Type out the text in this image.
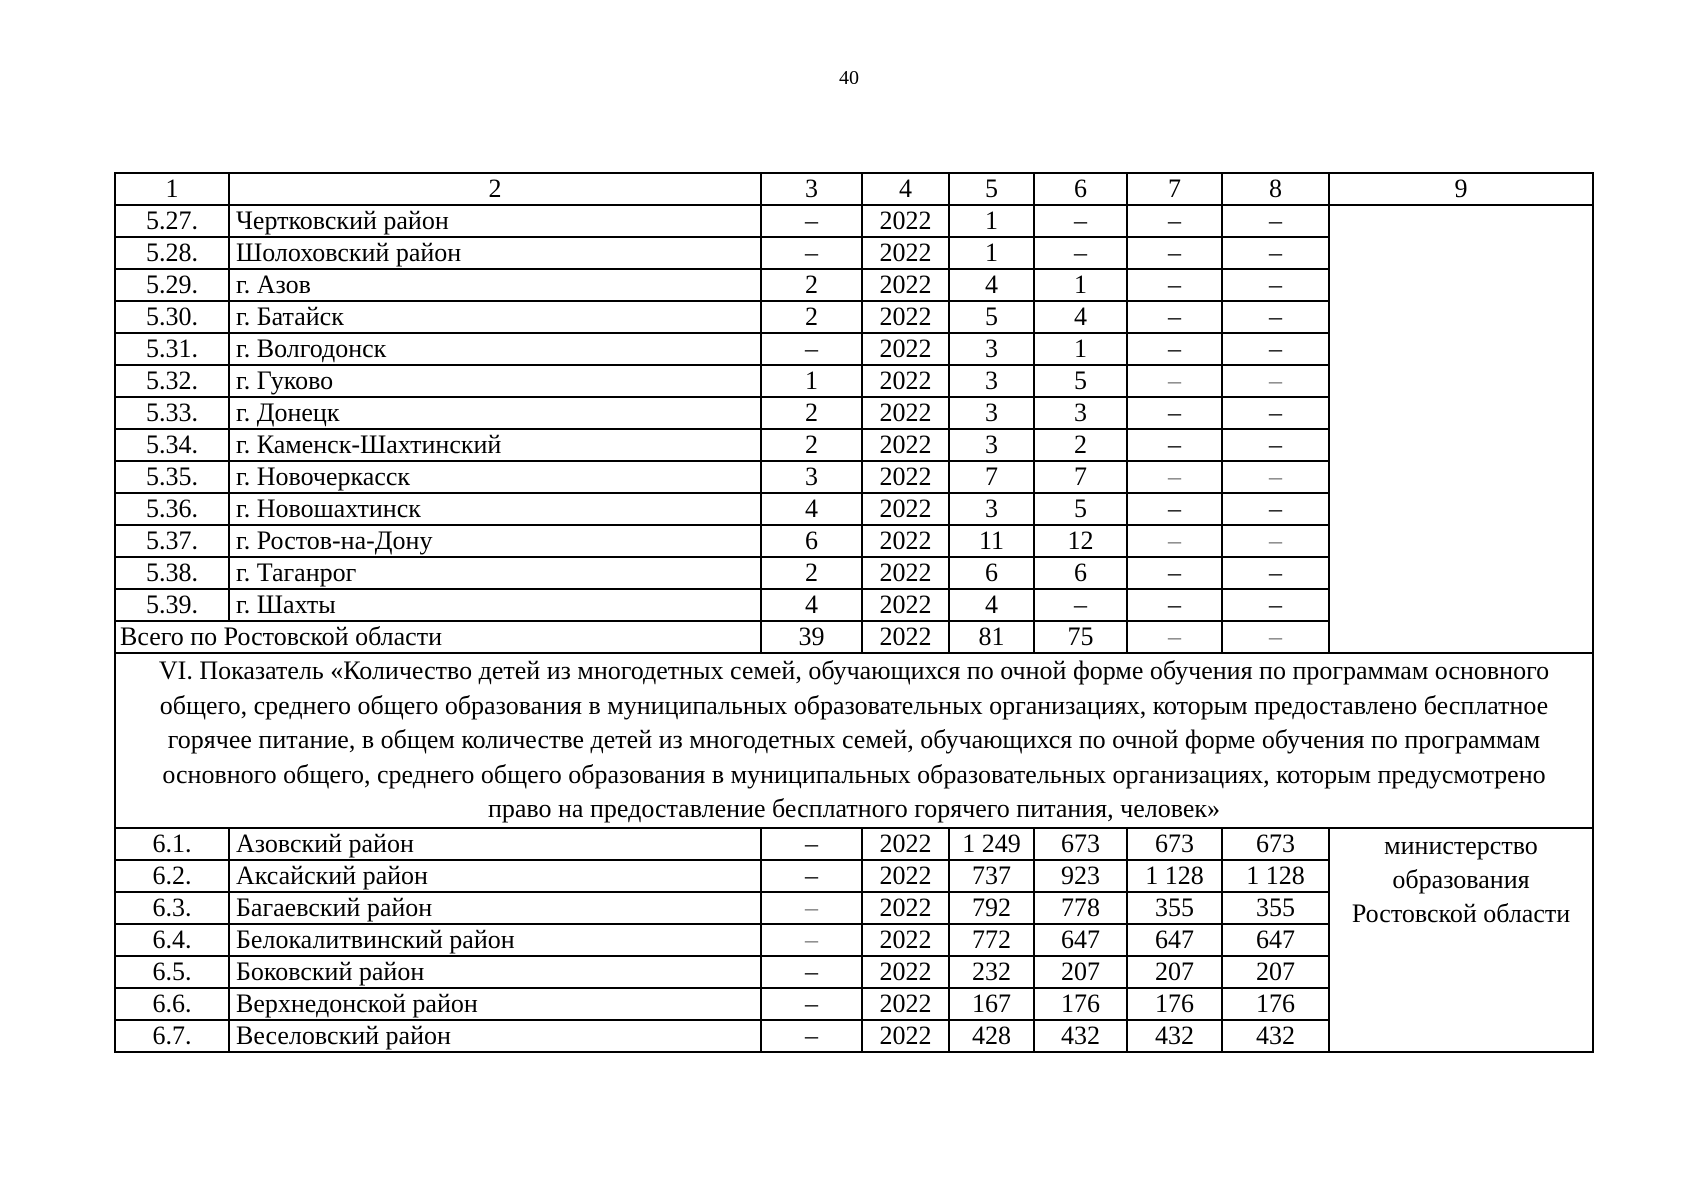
40
1	2	3	4	5	6	7	8	9
5.27.	Чертковский район	–	2022	1	–	–	–	
5.28.	Шолоховский район	–	2022	1	–	–	–	
5.29.	г. Азов	2	2022	4	1	–	–	
5.30.	г. Батайск	2	2022	5	4	–	–	
5.31.	г. Волгодонск	–	2022	3	1	–	–	
5.32.	г. Гуково	1	2022	3	5	–	–	
5.33.	г. Донецк	2	2022	3	3	–	–	
5.34.	г. Каменск-Шахтинский	2	2022	3	2	–	–	
5.35.	г. Новочеркасск	3	2022	7	7	–	–	
5.36.	г. Новошахтинск	4	2022	3	5	–	–	
5.37.	г. Ростов-на-Дону	6	2022	11	12	–	–	
5.38.	г. Таганрог	2	2022	6	6	–	–	
5.39.	г. Шахты	4	2022	4	–	–	–	
Всего по Ростовской области		39	2022	81	75	–	–	
VI. Показатель «Количество детей из многодетных семей, обучающихся по очной форме обучения по программам основного общего, среднего общего образования в муниципальных образовательных организациях, которым предоставлено бесплатное горячее питание, в общем количестве детей из многодетных семей, обучающихся по очной форме обучения по программам основного общего, среднего общего образования в муниципальных образовательных организациях, которым предусмотрено право на предоставление бесплатного горячего питания, человек»								
6.1.	Азовский район	–	2022	1 249	673	673	673	министерство образования Ростовской области
6.2.	Аксайский район	–	2022	737	923	1 128	1 128	
6.3.	Багаевский район	–	2022	792	778	355	355	
6.4.	Белокалитвинский район	–	2022	772	647	647	647	
6.5.	Боковский район	–	2022	232	207	207	207	
6.6.	Верхнедонской район	–	2022	167	176	176	176	
6.7.	Веселовский район	–	2022	428	432	432	432	
